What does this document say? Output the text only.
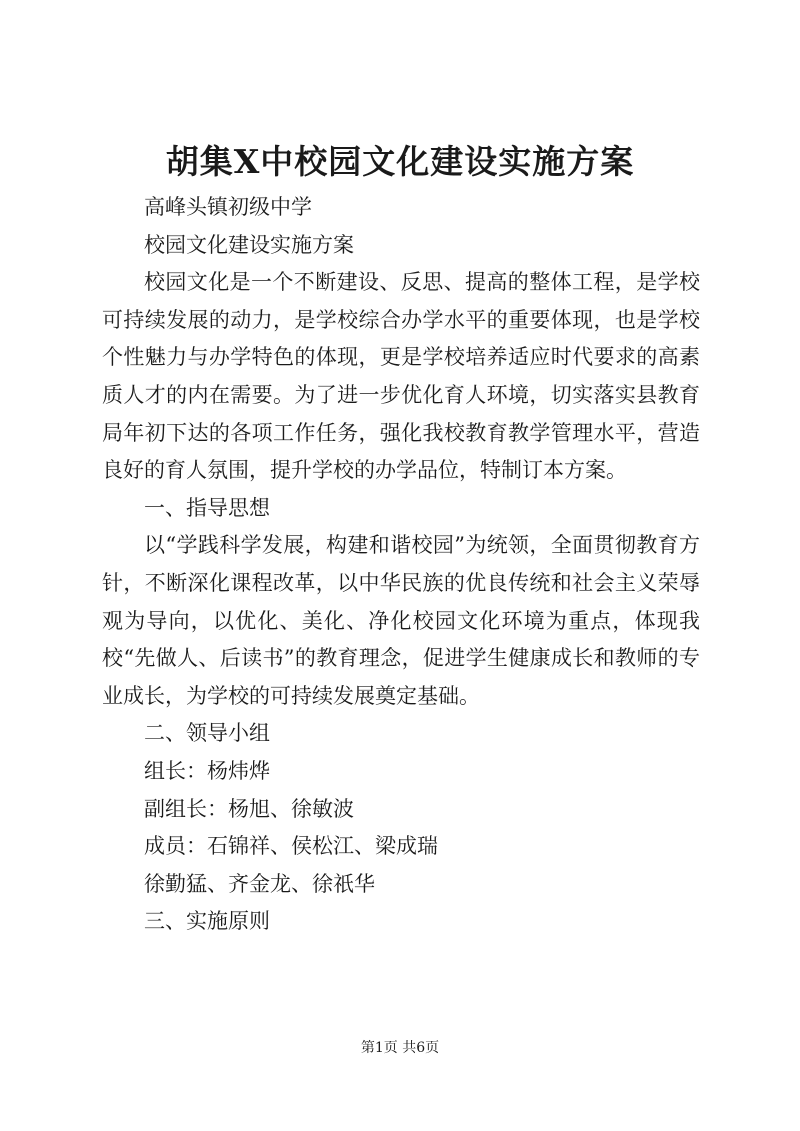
胡集X中校园文化建设实施方案

高峰头镇初级中学

校园文化建设实施方案

校园文化是一个不断建设、反思、提高的整体工程，是学校可持续发展的动力，是学校综合办学水平的重要体现，也是学校个性魅力与办学特色的体现，更是学校培养适应时代要求的高素质人才的内在需要。为了进一步优化育人环境，切实落实县教育局年初下达的各项工作任务，强化我校教育教学管理水平，营造良好的育人氛围，提升学校的办学品位，特制订本方案。

一、指导思想

以“学践科学发展，构建和谐校园”为统领，全面贯彻教育方针，不断深化课程改革，以中华民族的优良传统和社会主义荣辱观为导向，以优化、美化、净化校园文化环境为重点，体现我校“先做人、后读书”的教育理念，促进学生健康成长和教师的专业成长，为学校的可持续发展奠定基础。

二、领导小组

组长：杨炜烨

副组长：杨旭、徐敏波

成员：石锦祥、侯松江、梁成瑞

徐勤猛、齐金龙、徐祇华

三、实施原则

第1页 共6页
